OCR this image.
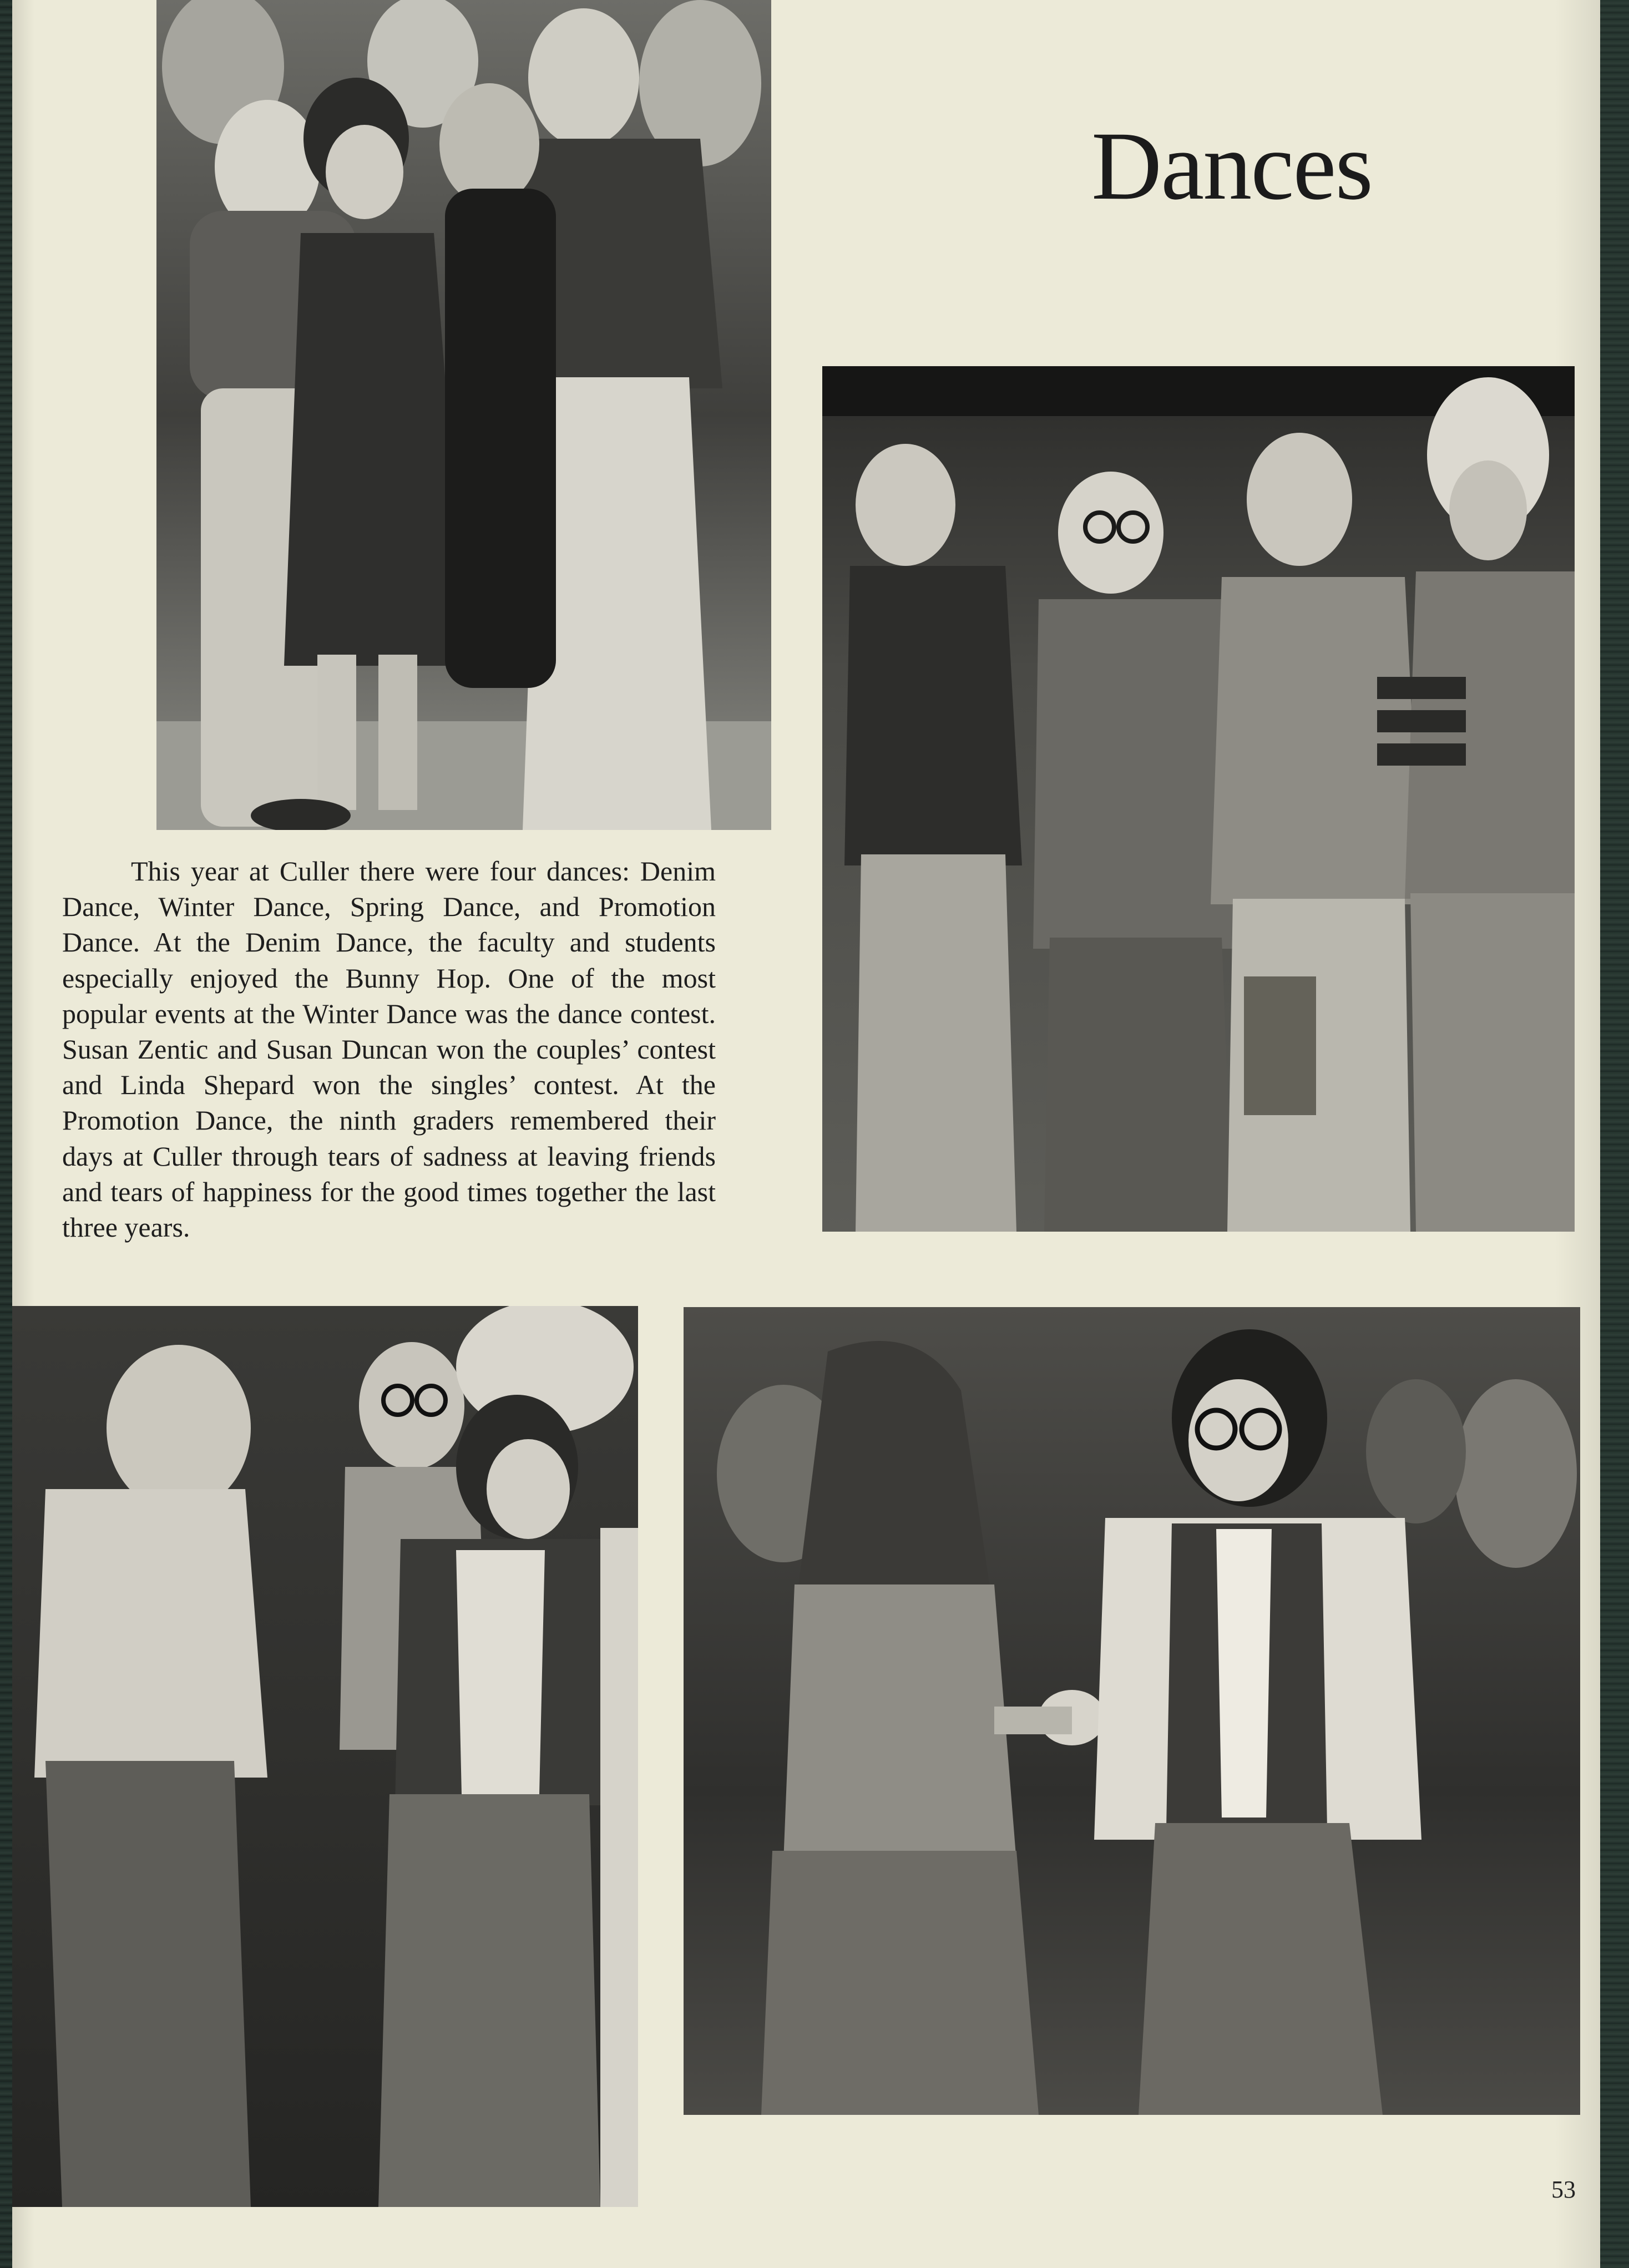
Dances
This year at Culler there were four dances: Denim Dance, Winter Dance, Spring Dance, and Promotion Dance. At the Denim Dance, the faculty and students especially enjoyed the Bunny Hop. One of the most popular events at the Winter Dance was the dance contest. Susan Zentic and Susan Duncan won the couples’ contest and Linda Shepard won the singles’ contest. At the Promotion Dance, the ninth graders remembered their days at Culler through tears of sadness at leaving friends and tears of happiness for the good times together the last three years.
53
